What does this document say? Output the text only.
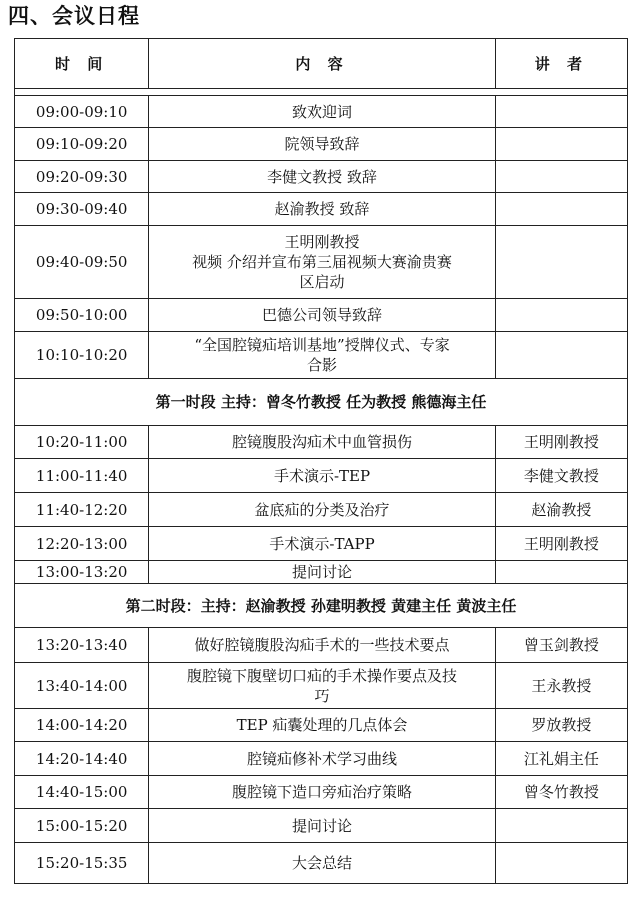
四、会议日程
时 间	内 容	讲 者

09:00-09:10	致欢迎词	

09:10-09:20	院领导致辞	

09:20-09:30	李健文教授 致辞	

09:30-09:40	赵渝教授 致辞	

09:40-09:50	王明刚教授
视频 介绍并宣布第三届视频大赛渝贵赛
区启动	

09:50-10:00	巴德公司领导致辞	

10:10-10:20	“全国腔镜疝培训基地”授牌仪式、专家
合影	

第一时段 主持：曾冬竹教授 任为教授 熊德海主任		
10:20-11:00	腔镜腹股沟疝术中血管损伤	王明刚教授
11:00-11:40	手术演示-TEP	李健文教授
11:40-12:20	盆底疝的分类及治疗	赵渝教授
12:20-13:00	手术演示-TAPP	王明刚教授
13:00-13:20	提问讨论	

第二时段：主持：赵渝教授 孙建明教授 黄建主任 黄波主任		
13:20-13:40	做好腔镜腹股沟疝手术的一些技术要点	曾玉剑教授
13:40-14:00	腹腔镜下腹壁切口疝的手术操作要点及技
巧	王永教授
14:00-14:20	TEP 疝囊处理的几点体会	罗放教授
14:20-14:40	腔镜疝修补术学习曲线	江礼娟主任
14:40-15:00	腹腔镜下造口旁疝治疗策略	曾冬竹教授
15:00-15:20	提问讨论	

15:20-15:35	大会总结	
